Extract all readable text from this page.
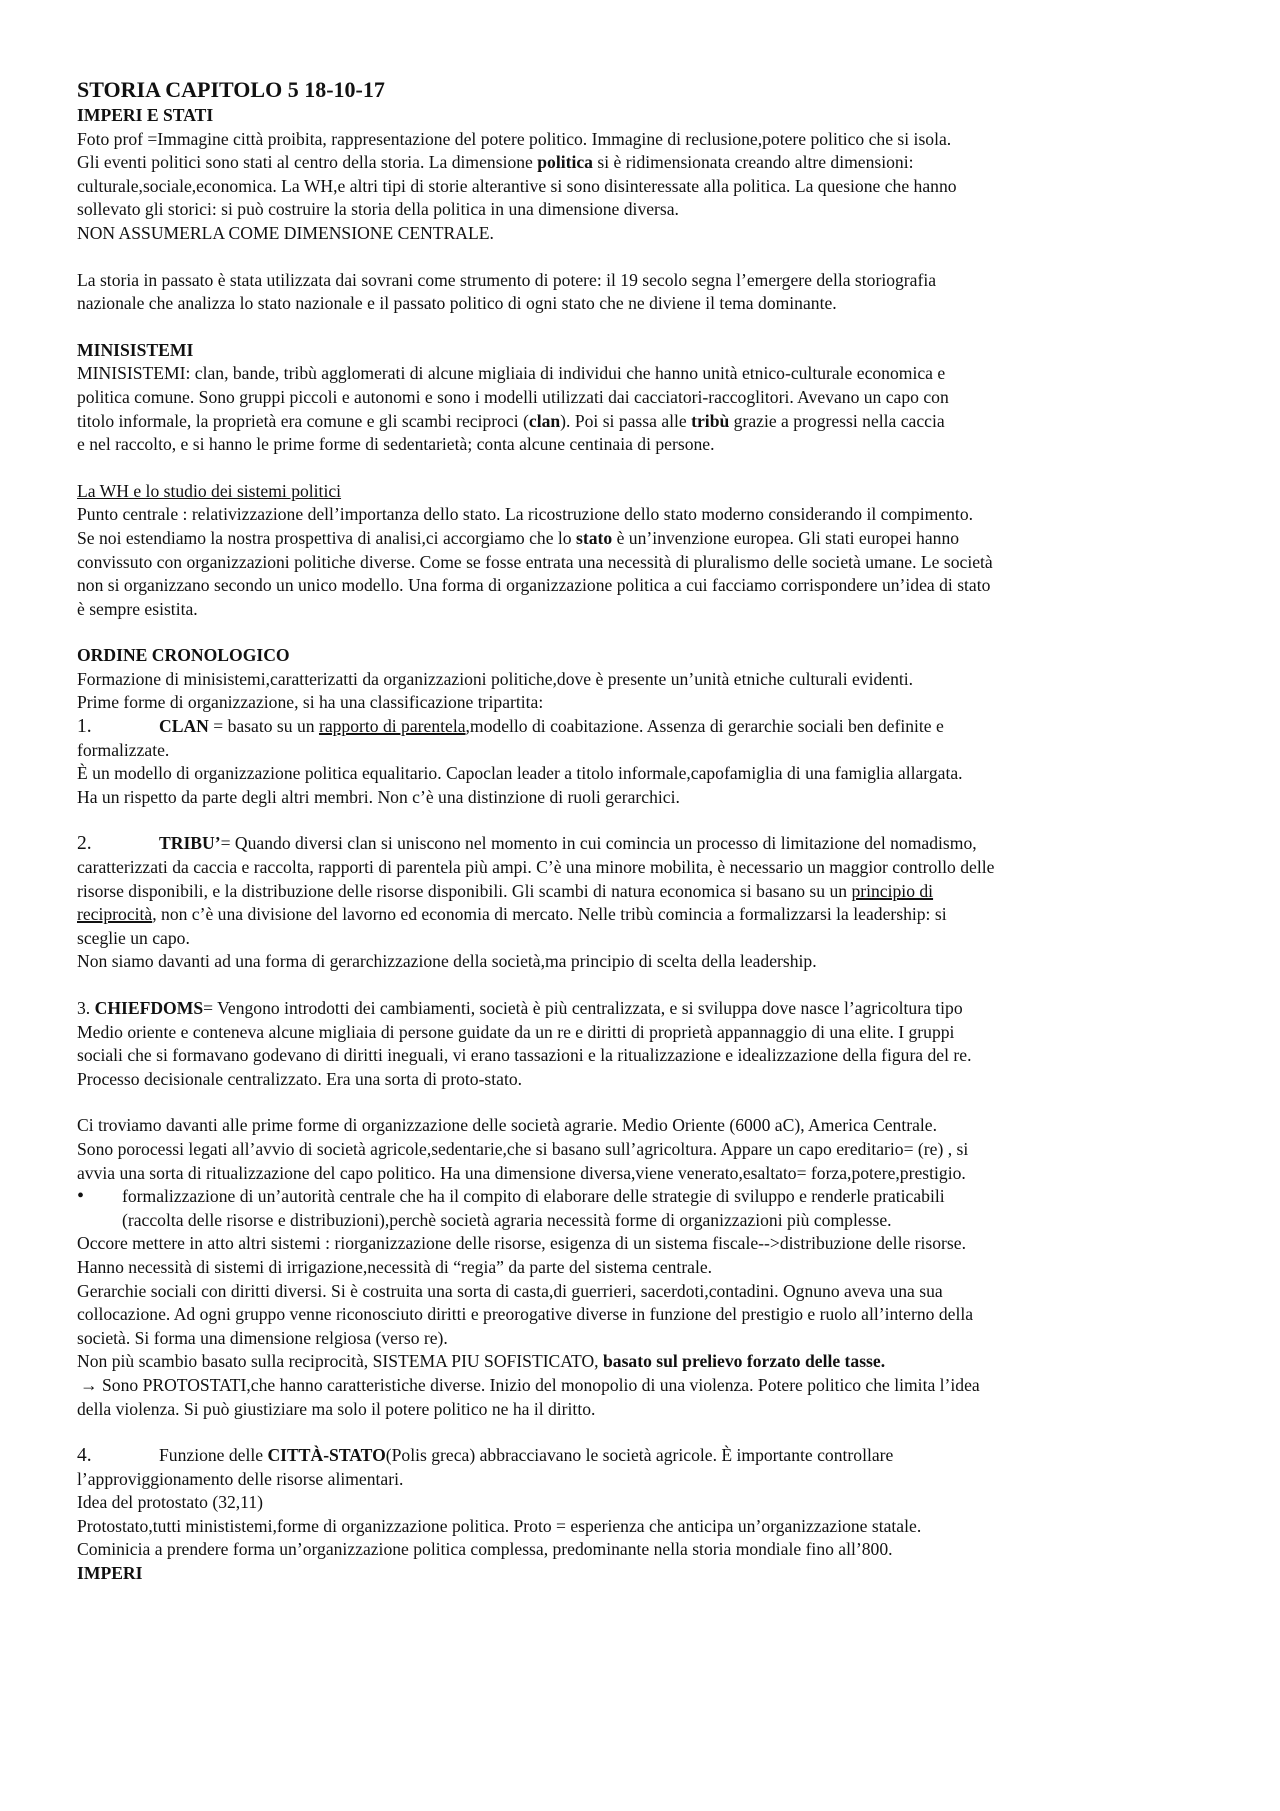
STORIA CAPITOLO 5 18-10-17
IMPERI E STATI
Foto prof =Immagine città proibita, rappresentazione del potere politico. Immagine di reclusione,potere politico che si isola.
Gli eventi politici sono stati al centro della storia. La dimensione politica si è ridimensionata creando altre dimensioni:
culturale,sociale,economica. La WH,e altri tipi di storie alterantive si sono disinteressate alla politica. La quesione che hanno
sollevato gli storici: si può costruire la storia della politica in una dimensione diversa.
NON ASSUMERLA COME DIMENSIONE CENTRALE.
La storia in passato è stata utilizzata dai sovrani come strumento di potere: il 19 secolo segna l’emergere della storiografia
nazionale che analizza lo stato nazionale e il passato politico di ogni stato che ne diviene il tema dominante.
MINISISTEMI
MINISISTEMI: clan, bande, tribù agglomerati di alcune migliaia di individui che hanno unità etnico-culturale economica e
politica comune. Sono gruppi piccoli e autonomi e sono i modelli utilizzati dai cacciatori-raccoglitori. Avevano un capo con
titolo informale, la proprietà era comune e gli scambi reciproci (clan). Poi si passa alle tribù grazie a progressi nella caccia
e nel raccolto, e si hanno le prime forme di sedentarietà; conta alcune centinaia di persone.
La WH e lo studio dei sistemi politici
Punto centrale : relativizzazione dell’importanza dello stato. La ricostruzione dello stato moderno considerando il compimento.
Se noi estendiamo la nostra prospettiva di analisi,ci accorgiamo che lo stato è un’invenzione europea. Gli stati europei hanno
convissuto con organizzazioni politiche diverse. Come se fosse entrata una necessità di pluralismo delle società umane. Le società
non si organizzano secondo un unico modello. Una forma di organizzazione politica a cui facciamo corrispondere un’idea di stato
è sempre esistita.
ORDINE CRONOLOGICO
Formazione di minisistemi,caratterizatti da organizzazioni politiche,dove è presente un’unità etniche culturali evidenti.
Prime forme di organizzazione, si ha una classificazione tripartita:
1.	CLAN = basato su un rapporto di parentela,modello di coabitazione. Assenza di gerarchie sociali ben definite e
formalizzate.
È un modello di organizzazione politica equalitario. Capoclan leader a titolo informale,capofamiglia di una famiglia allargata.
Ha un rispetto da parte degli altri membri. Non c’è una distinzione di ruoli gerarchici.
2.	TRIBU’= Quando diversi clan si uniscono nel momento in cui comincia un processo di limitazione del nomadismo,
caratterizzati da caccia e raccolta, rapporti di parentela più ampi. C’è una minore mobilita, è necessario un maggior controllo delle
risorse disponibili, e la distribuzione delle risorse disponibili. Gli scambi di natura economica si basano su un principio di
reciprocità, non c’è una divisione del lavorno ed economia di mercato. Nelle tribù comincia a formalizzarsi la leadership: si
sceglie un capo.
Non siamo davanti ad una forma di gerarchizzazione della società,ma principio di scelta della leadership.
3. CHIEFDOMS= Vengono introdotti dei cambiamenti, società è più centralizzata, e si sviluppa dove nasce l’agricoltura tipo
Medio oriente e conteneva alcune migliaia di persone guidate da un re e diritti di proprietà appannaggio di una elite. I gruppi
sociali che si formavano godevano di diritti ineguali, vi erano tassazioni e la ritualizzazione e idealizzazione della figura del re.
Processo decisionale centralizzato. Era una sorta di proto-stato.
Ci troviamo davanti alle prime forme di organizzazione delle società agrarie. Medio Oriente (6000 aC), America Centrale.
Sono porocessi legati all’avvio di società agricole,sedentarie,che si basano sull’agricoltura. Appare un capo ereditario= (re) , si
avvia una sorta di ritualizzazione del capo politico. Ha una dimensione diversa,viene venerato,esaltato= forza,potere,prestigio.
• formalizzazione di un’autorità centrale che ha il compito di elaborare delle strategie di sviluppo e renderle praticabili
(raccolta delle risorse e distribuzioni),perchè società agraria necessità forme di organizzazioni più complesse.
Occore mettere in atto altri sistemi : riorganizzazione delle risorse, esigenza di un sistema fiscale-->distribuzione delle risorse.
Hanno necessità di sistemi di irrigazione,necessità di “regia” da parte del sistema centrale.
Gerarchie sociali con diritti diversi. Si è costruita una sorta di casta,di guerrieri, sacerdoti,contadini. Ognuno aveva una sua
collocazione. Ad ogni gruppo venne riconosciuto diritti e preorogative diverse in funzione del prestigio e ruolo all’interno della
società. Si forma una dimensione relgiosa (verso re).
Non più scambio basato sulla reciprocità, SISTEMA PIU SOFISTICATO, basato sul prelievo forzato delle tasse.
→ Sono PROTOSTATI,che hanno caratteristiche diverse. Inizio del monopolio di una violenza. Potere politico che limita l’idea
della violenza. Si può giustiziare ma solo il potere politico ne ha il diritto.
4.	Funzione delle CITTÀ-STATO(Polis greca) abbracciavano le società agricole. È importante controllare
l’approviggionamento delle risorse alimentari.
Idea del protostato (32,11)
Protostato,tutti minististemi,forme di organizzazione politica. Proto = esperienza che anticipa un’organizzazione statale.
Cominicia a prendere forma un’organizzazione politica complessa, predominante nella storia mondiale fino all’800.
IMPERI
